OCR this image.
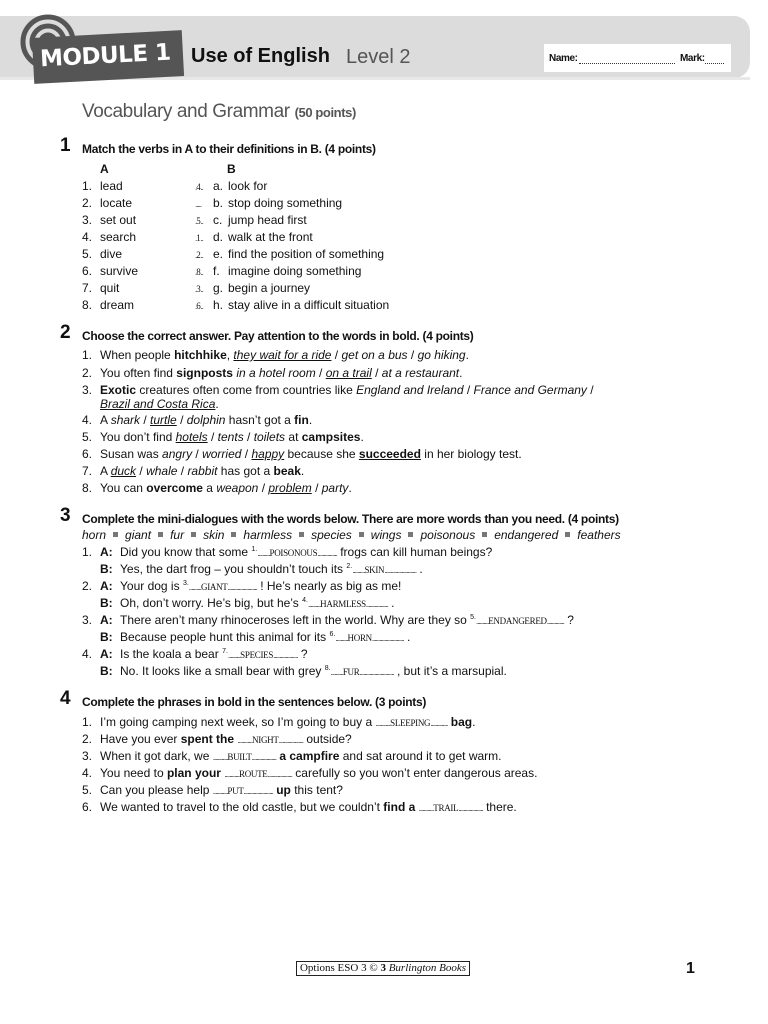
MODULE 1 Use of English Level 2	Name:	Mark:
Vocabulary and Grammar (50 points)
1 Match the verbs in A to their definitions in B. (4 points)
A	B
1. lead	.4.. a. look for
2. locate	..... b. stop doing something
3. set out	.5.. c. jump head first
4. search	.1.. d. walk at the front
5. dive	.2.. e. find the position of something
6. survive	.8.. f. imagine doing something
7. quit	.3.. g. begin a journey
8. dream	.6.. h. stay alive in a difficult situation
2 Choose the correct answer. Pay attention to the words in bold. (4 points)
1. When people hitchhike, they wait for a ride / get on a bus / go hiking.
2. You often find signposts in a hotel room / on a trail / at a restaurant.
3. Exotic creatures often come from countries like England and Ireland / France and Germany /
Brazil and Costa Rica.
4. A shark / turtle / dolphin hasn’t got a fin.
5. You don’t find hotels / tents / toilets at campsites.
6. Susan was angry / worried / happy because she succeeded in her biology test.
7. A duck / whale / rabbit has got a beak.
8. You can overcome a weapon / problem / party.
3 Complete the mini-dialogues with the words below. There are more words than you need. (4 points)
horn giant fur skin harmless species wings poisonous endangered feathers
1. A: Did you know that some $^{1.}$..........POISONOUS................ frogs can kill human beings?
B: Yes, the dart frog – you shouldn’t touch its $^{2.}$..........SKIN.......................... .
2. A: Your dog is $^{3.}$..........GIANT........................ ! He’s nearly as big as me!
B: Oh, don’t worry. He’s big, but he’s $^{4.}$..........HARMLESS.................. .
3. A: There aren’t many rhinoceroses left in the world. Why are they so $^{5.}$..........ENDANGERED.............. ?
B: Because people hunt this animal for its $^{6.}$..........HORN.......................... .
4. A: Is the koala a bear $^{7.}$..........SPECIES.................... ?
B: No. It looks like a small bear with grey $^{8.}$..........FUR............................ , but it’s a marsupial.
4 Complete the phrases in bold in the sentences below. (3 points)
1. I’m going camping next week, so I’m going to buy a ............SLEEPING.............. bag.
2. Have you ever spent the ............NIGHT.................... outside?
3. When it got dark, we ............BUILT.................... a campfire and sat around it to get warm.
4. You need to plan your ............ROUTE.................... carefully so you won’t enter dangerous areas.
5. Can you please help ............PUT........................ up this tent?
6. We wanted to travel to the old castle, but we couldn’t find a ............TRAIL.................... there.
Options ESO 3 © 3 Burlington Books	1
